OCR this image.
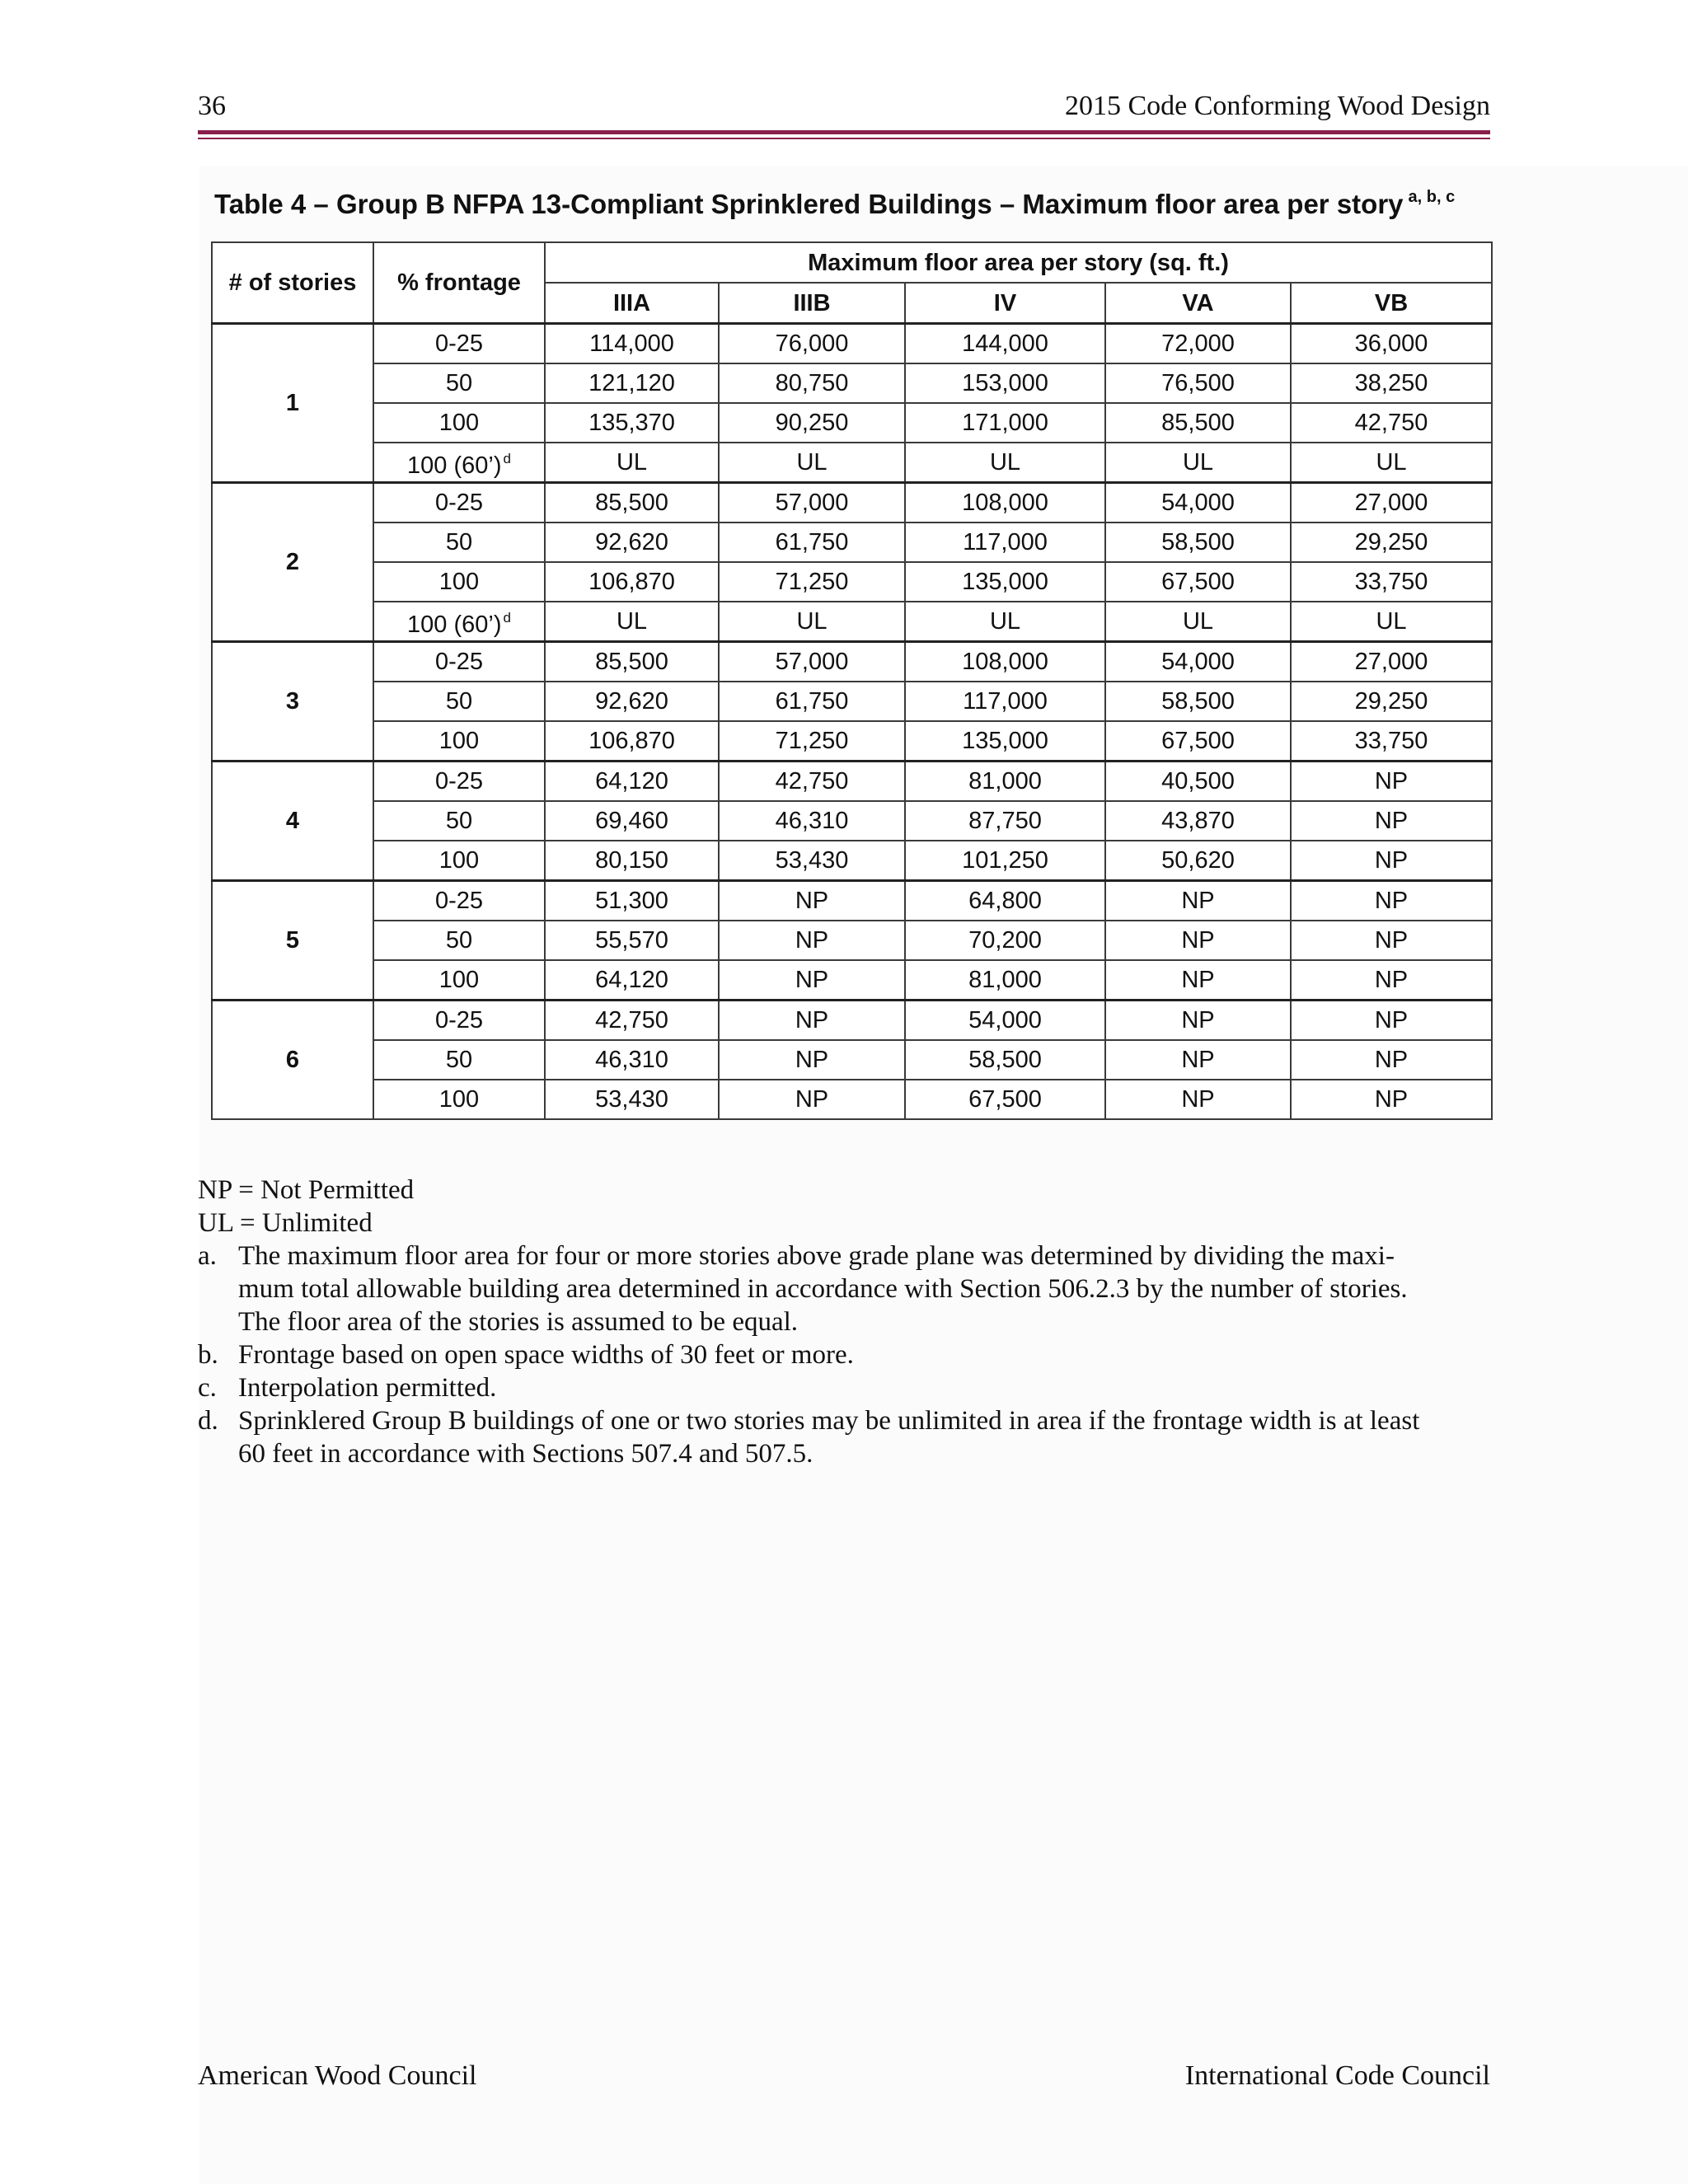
36	2015 Code Conforming Wood Design
Table 4 – Group B NFPA 13-Compliant Sprinklered Buildings – Maximum floor area per story $^{a, b, c}$
# of stories	% frontage	Maximum floor area per story (sq. ft.)				
		IIIA	IIIB	IV	VA	VB
1	0-25	114,000	76,000	144,000	72,000	36,000
	50	121,120	80,750	153,000	76,500	38,250
	100	135,370	90,250	171,000	85,500	42,750
	100 (60’) $^d$	UL	UL	UL	UL	UL
2	0-25	85,500	57,000	108,000	54,000	27,000
	50	92,620	61,750	117,000	58,500	29,250
	100	106,870	71,250	135,000	67,500	33,750
	100 (60’) $^d$	UL	UL	UL	UL	UL
3	0-25	85,500	57,000	108,000	54,000	27,000
	50	92,620	61,750	117,000	58,500	29,250
	100	106,870	71,250	135,000	67,500	33,750
4	0-25	64,120	42,750	81,000	40,500	NP
	50	69,460	46,310	87,750	43,870	NP
	100	80,150	53,430	101,250	50,620	NP
5	0-25	51,300	NP	64,800	NP	NP
	50	55,570	NP	70,200	NP	NP
	100	64,120	NP	81,000	NP	NP
6	0-25	42,750	NP	54,000	NP	NP
	50	46,310	NP	58,500	NP	NP
	100	53,430	NP	67,500	NP	NP
NP = Not Permitted
UL = Unlimited
a. The maximum floor area for four or more stories above grade plane was determined by dividing the maxi-
mum total allowable building area determined in accordance with Section 506.2.3 by the number of stories.
The floor area of the stories is assumed to be equal.
b. Frontage based on open space widths of 30 feet or more.
c. Interpolation permitted.
d. Sprinklered Group B buildings of one or two stories may be unlimited in area if the frontage width is at least
60 feet in accordance with Sections 507.4 and 507.5.
American Wood Council	International Code Council
